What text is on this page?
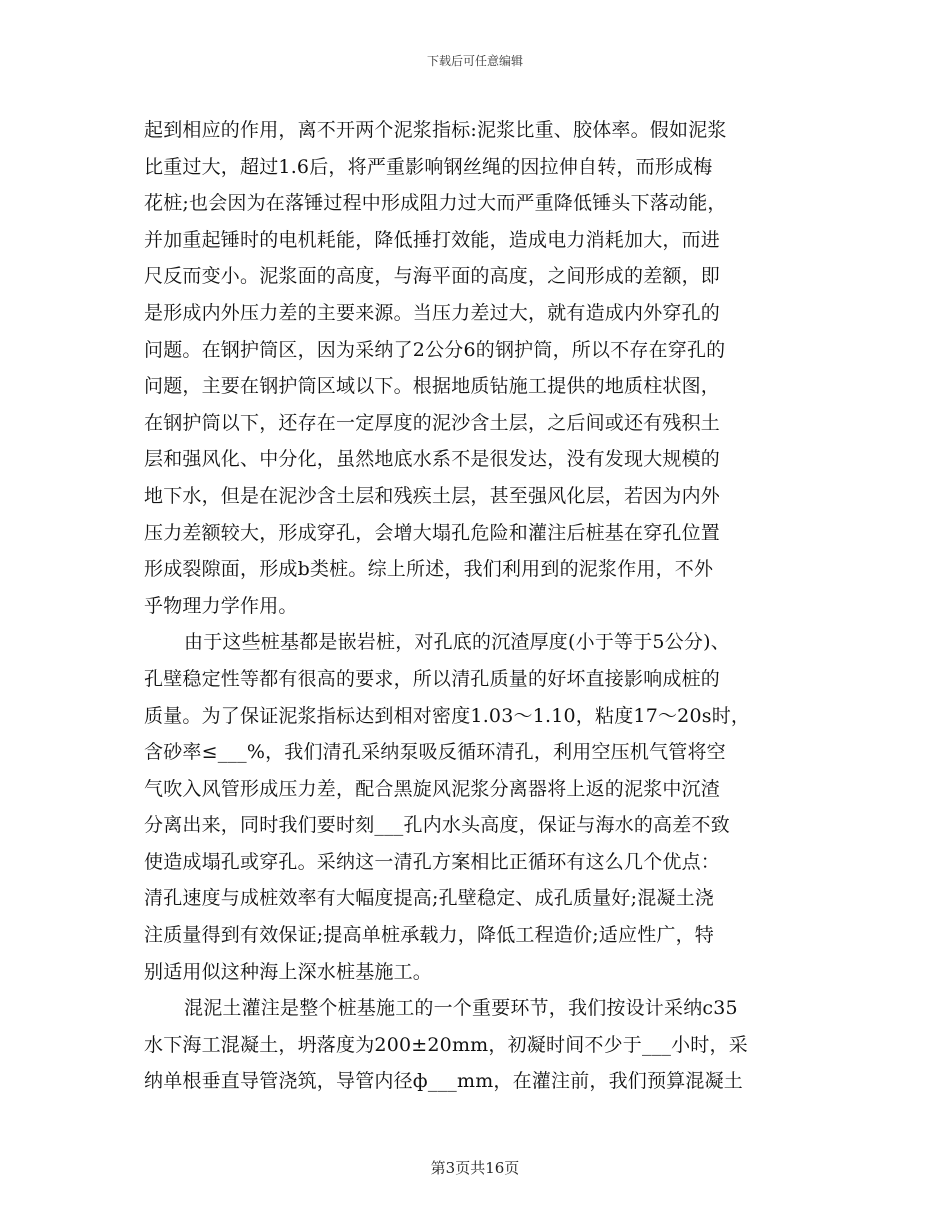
下载后可任意编辑
起到相应的作用，离不开两个泥浆指标:泥浆比重、胶体率。假如泥浆
比重过大，超过1.6后，将严重影响钢丝绳的因拉伸自转，而形成梅
花桩;也会因为在落锤过程中形成阻力过大而严重降低锤头下落动能，
并加重起锤时的电机耗能，降低捶打效能，造成电力消耗加大，而进
尺反而变小。泥浆面的高度，与海平面的高度，之间形成的差额，即
是形成内外压力差的主要来源。当压力差过大，就有造成内外穿孔的
问题。在钢护筒区，因为采纳了2公分6的钢护筒，所以不存在穿孔的
问题，主要在钢护筒区域以下。根据地质钻施工提供的地质柱状图，
在钢护筒以下，还存在一定厚度的泥沙含土层，之后间或还有残积土
层和强风化、中分化，虽然地底水系不是很发达，没有发现大规模的
地下水，但是在泥沙含土层和残疾土层，甚至强风化层，若因为内外
压力差额较大，形成穿孔，会增大塌孔危险和灌注后桩基在穿孔位置
形成裂隙面，形成b类桩。综上所述，我们利用到的泥浆作用，不外
乎物理力学作用。
由于这些桩基都是嵌岩桩，对孔底的沉渣厚度(小于等于5公分)、
孔壁稳定性等都有很高的要求，所以清孔质量的好坏直接影响成桩的
质量。为了保证泥浆指标达到相对密度1.03～1.10，粘度17～20s时，
含砂率≤___%，我们清孔采纳泵吸反循环清孔，利用空压机气管将空
气吹入风管形成压力差，配合黑旋风泥浆分离器将上返的泥浆中沉渣
分离出来，同时我们要时刻___孔内水头高度，保证与海水的高差不致
使造成塌孔或穿孔。采纳这一清孔方案相比正循环有这么几个优点：
清孔速度与成桩效率有大幅度提高;孔壁稳定、成孔质量好;混凝土浇
注质量得到有效保证;提高单桩承载力，降低工程造价;适应性广，特
别适用似这种海上深水桩基施工。
混泥土灌注是整个桩基施工的一个重要环节，我们按设计采纳c35
水下海工混凝土，坍落度为200±20mm，初凝时间不少于___小时，采
纳单根垂直导管浇筑，导管内径ф___mm，在灌注前，我们预算混凝土
第3页共16页
